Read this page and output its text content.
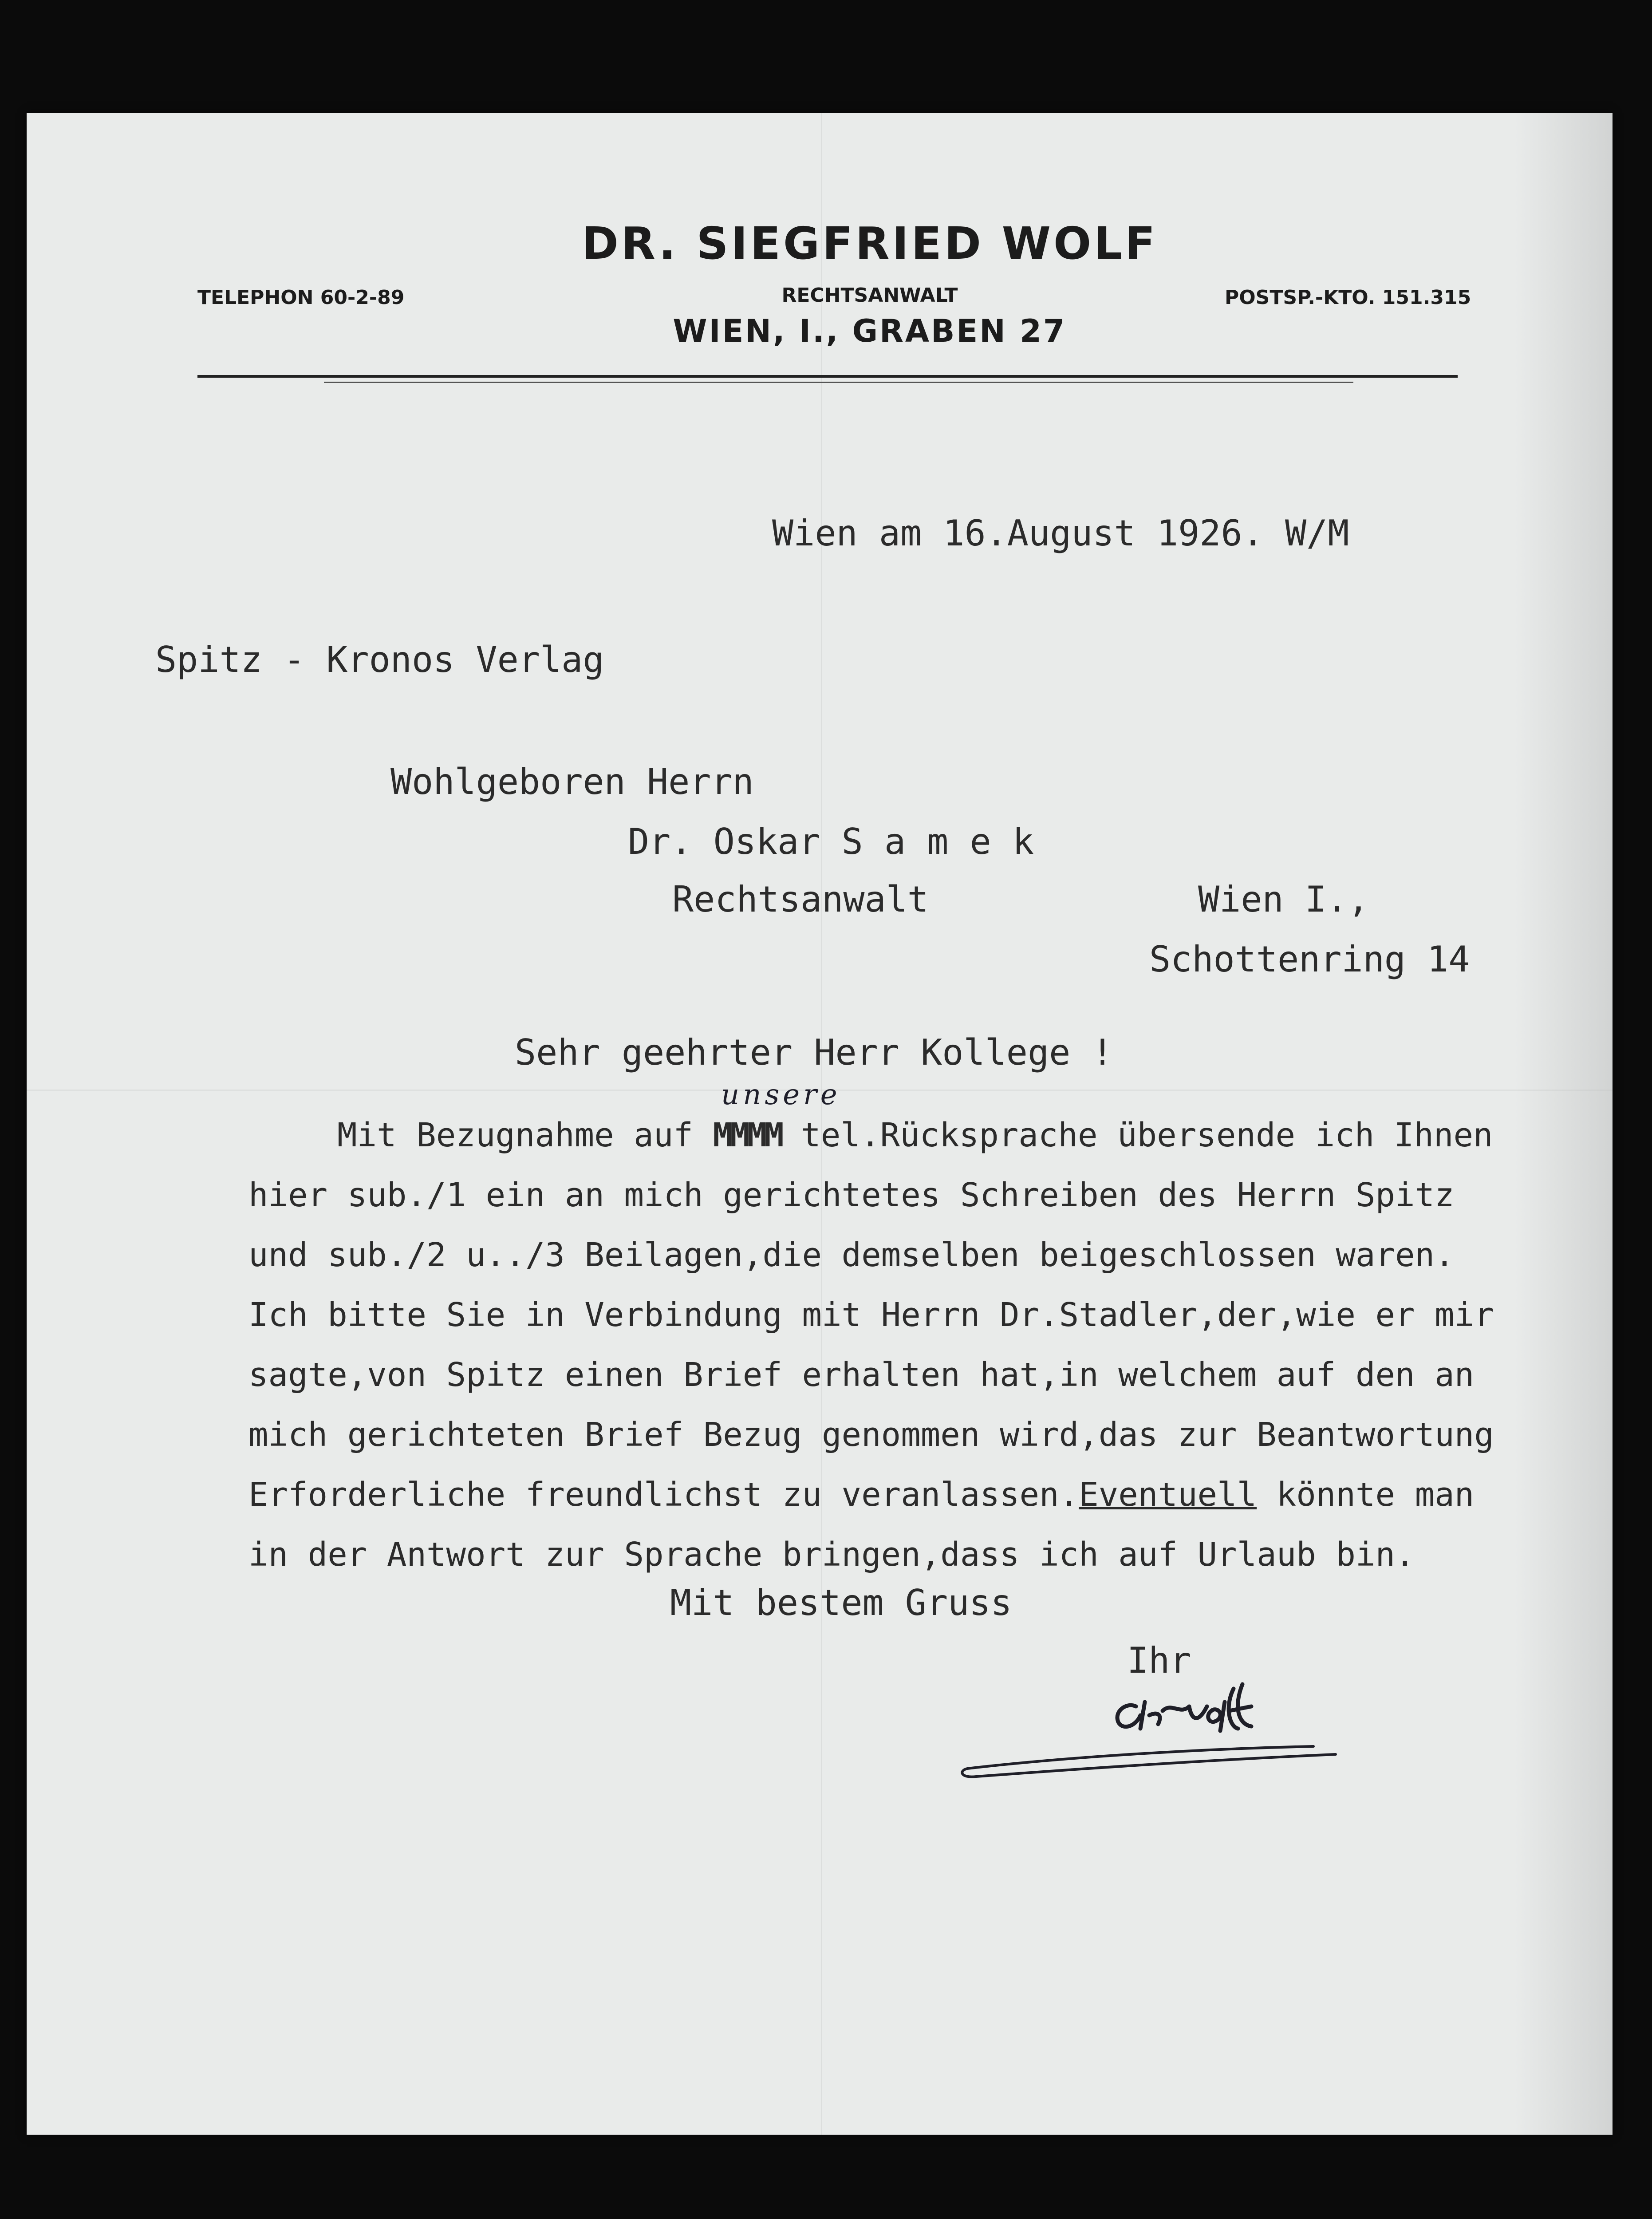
DR. SIEGFRIED WOLF
TELEPHON 60-2-89	RECHTSANWALT	POSTSP.-KTO. 151.315
WIEN, I., GRABEN 27
Wien am 16.August 1926. W/M
Spitz - Kronos Verlag
Wohlgeboren Herrn
Dr. Oskar S a m e k
Rechtsanwalt	Wien I.,
Schottenring 14
Sehr geehrter Herr Kollege !
unsere
Mit Bezugnahme auf MMMM tel.Rücksprache übersende ich Ihnen
hier sub./1 ein an mich gerichtetes Schreiben des Herrn Spitz
und sub./2 u../3 Beilagen,die demselben beigeschlossen waren.
Ich bitte Sie in Verbindung mit Herrn Dr.Stadler,der,wie er mir
sagte,von Spitz einen Brief erhalten hat,in welchem auf den an
mich gerichteten Brief Bezug genommen wird,das zur Beantwortung
Erforderliche freundlichst zu veranlassen.Eventuell könnte man
in der Antwort zur Sprache bringen,dass ich auf Urlaub bin.
Mit bestem Gruss
Ihr
